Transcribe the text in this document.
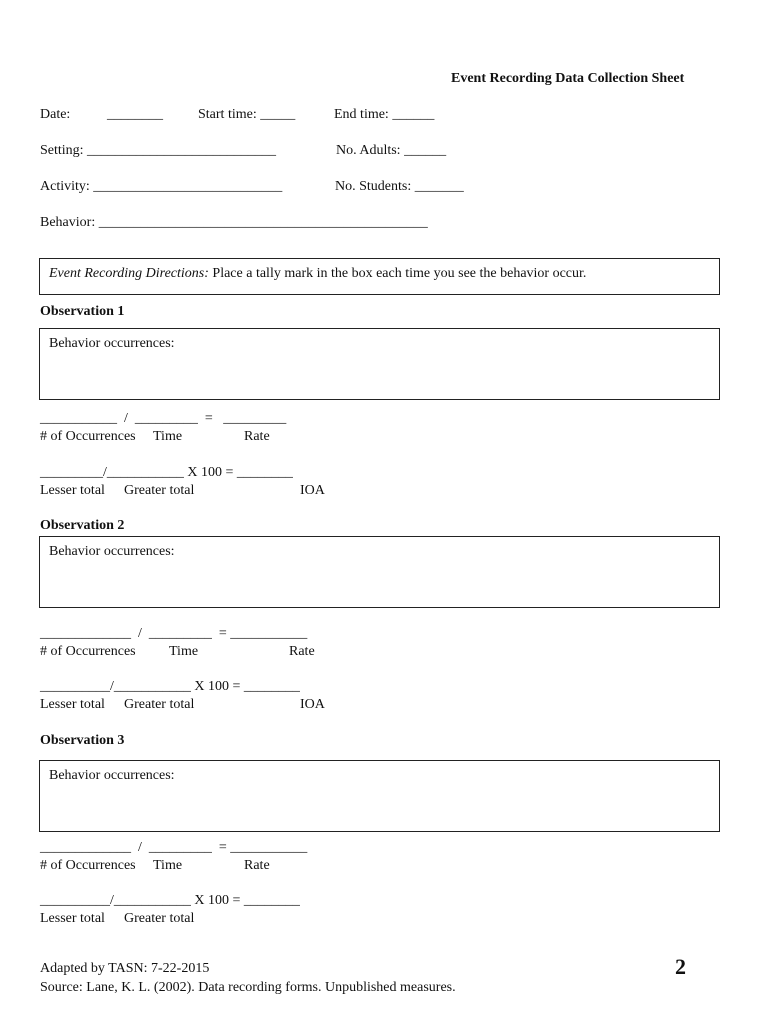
Event Recording Data Collection Sheet
Date:	________	Start time: _____	End time: ______
Setting: ___________________________	No. Adults: ______
Activity: ___________________________	No. Students: _______
Behavior: _______________________________________________
Event Recording Directions: Place a tally mark in the box each time you see the behavior occur.
Observation 1
Behavior occurrences:
___________  /  _________  =   _________
# of Occurrences Time	Rate
_________/___________ X 100 = ________
Lesser total Greater total	IOA
Observation 2
Behavior occurrences:
_____________  /  _________  = ___________
# of Occurrences Time	Rate
__________/___________ X 100 = ________
Lesser total Greater total	IOA
Observation 3
Behavior occurrences:
_____________  /  _________  = ___________
# of Occurrences Time	Rate
__________/___________ X 100 = ________
Lesser total Greater total
Adapted by TASN: 7-22-2015
Source: Lane, K. L. (2002). Data recording forms. Unpublished measures.
2
